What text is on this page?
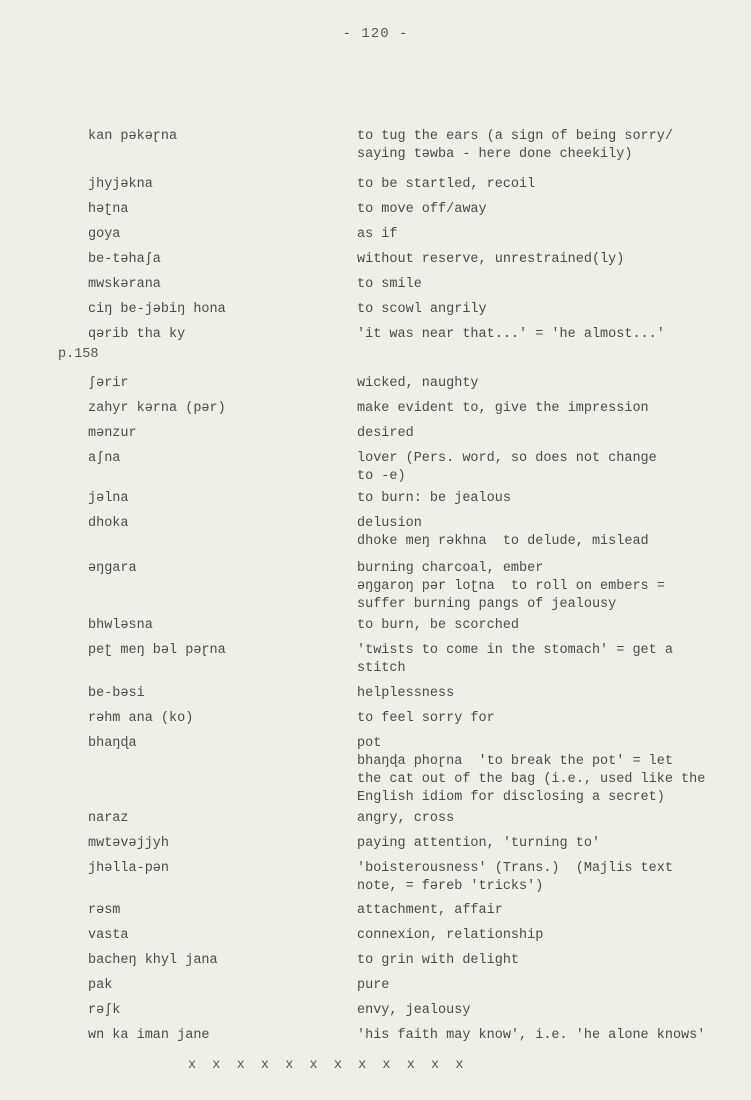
- 120 -
p.158
kan pəkəɽna	to tug the ears (a sign of being sorry/
saying təwba - here done cheekily)
jhyjəkna	to be startled, recoil
həʈna	to move off/away
goya	as if
be-təhaʃa	without reserve, unrestrained(ly)
mwskərana	to smile
ciŋ be-jəbiŋ hona	to scowl angrily
qərib tha ky	'it was near that...' = 'he almost...'
ʃərir	wicked, naughty
zahyr kərna (pər)	make evident to, give the impression
mənzur	desired
aʃna	lover (Pers. word, so does not change
to -e)
jəlna	to burn: be jealous
dhoka	delusion
dhoke meŋ rəkhna  to delude, mislead
əŋgara	burning charcoal, ember
əŋgaroŋ pər loʈna  to roll on embers =
suffer burning pangs of jealousy
bhwləsna	to burn, be scorched
peʈ meŋ bəl pəɽna	'twists to come in the stomach' = get a
stitch
be-bəsi	helplessness
rəhm ana (ko)	to feel sorry for
bhaŋɖa	pot
bhaŋɖa phoɽna  'to break the pot' = let
the cat out of the bag (i.e., used like the
English idiom for disclosing a secret)
naraz	angry, cross
mwtəvəjjyh	paying attention, 'turning to'
jhəlla-pən	'boisterousness' (Trans.)  (Majlis text
note, = fəreb 'tricks')
rəsm	attachment, affair
vasta	connexion, relationship
bacheŋ khyl jana	to grin with delight
pak	pure
rəʃk	envy, jealousy
wn ka iman jane	'his faith may know', i.e. 'he alone knows'
x  x  x  x  x  x  x  x  x  x  x  x
